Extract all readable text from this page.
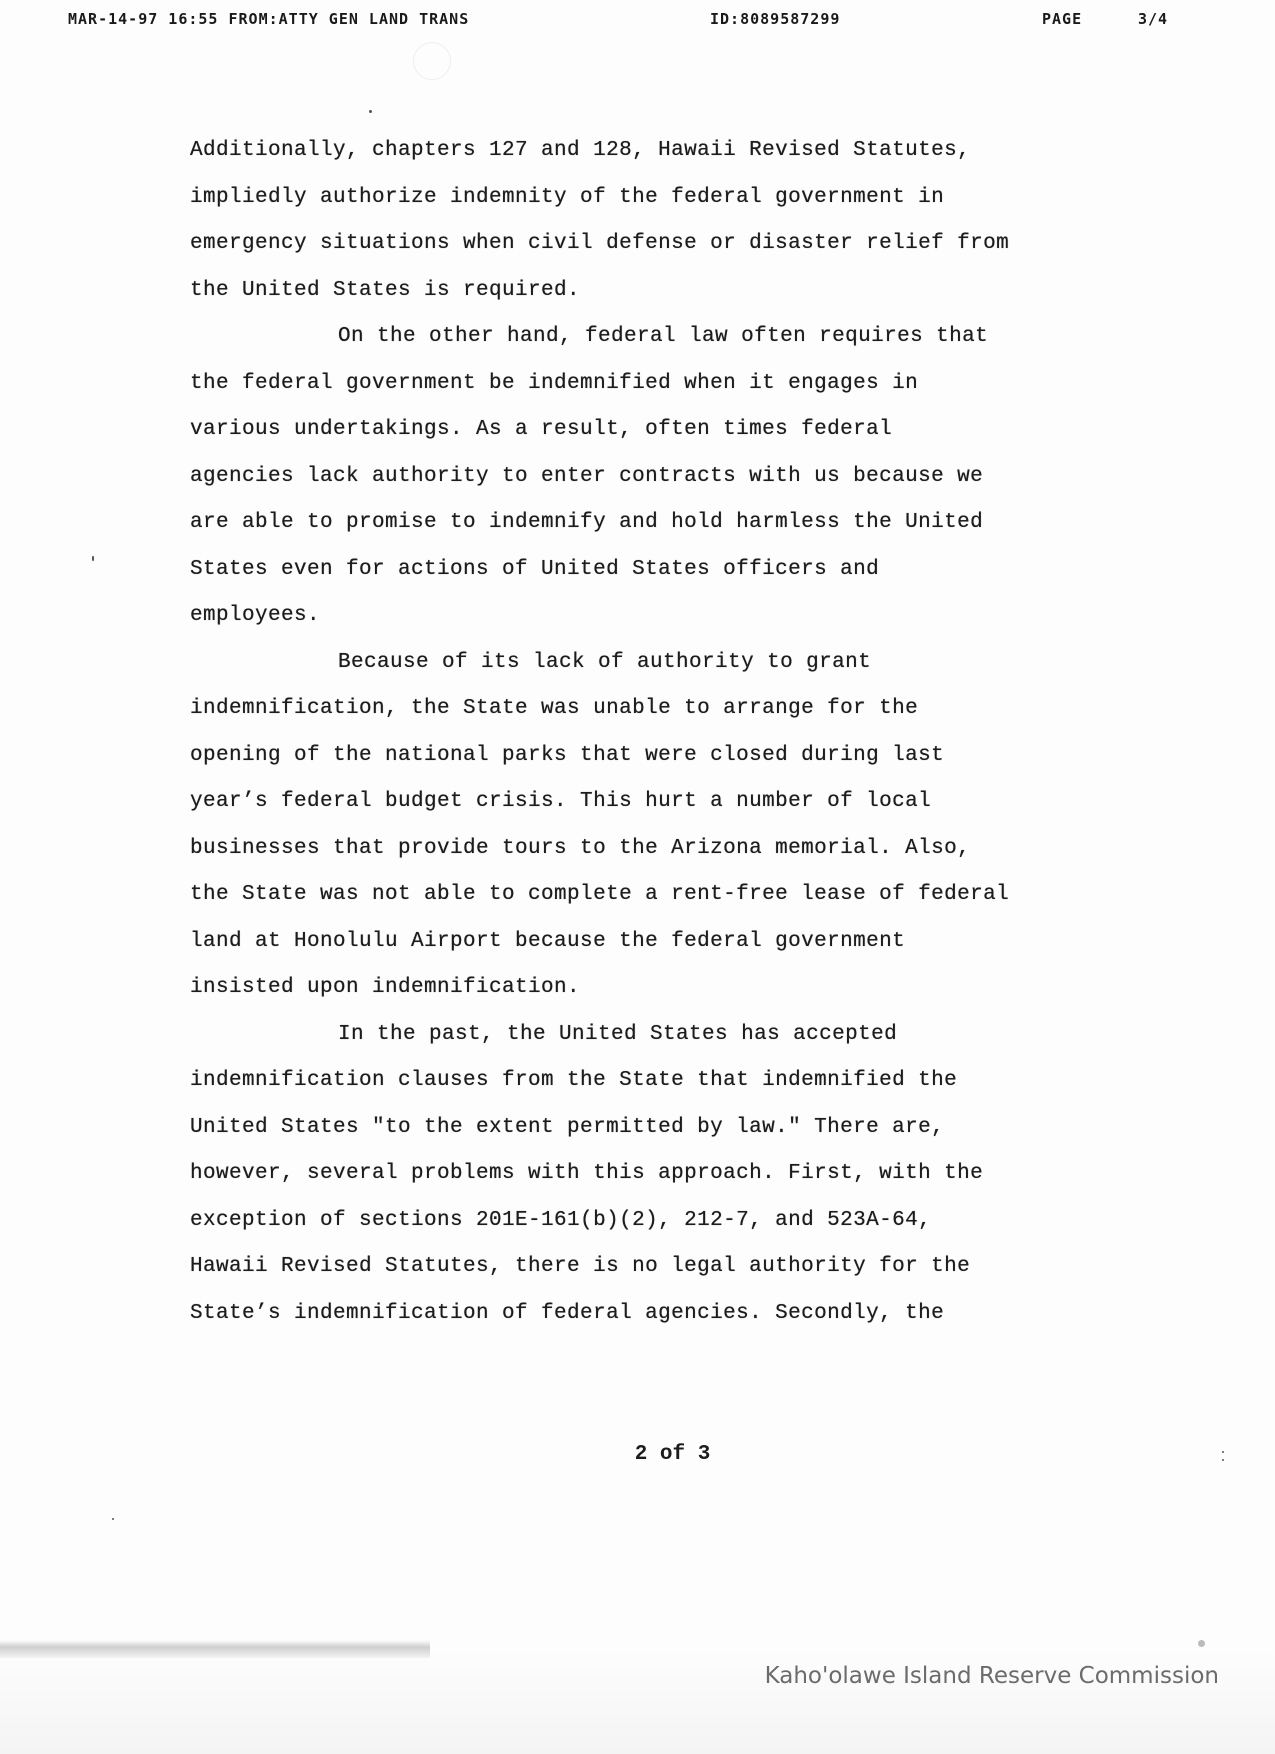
MAR-14-97 16:55 FROM:ATTY GEN LAND TRANS	ID:8089587299	PAGE	3/4

Additionally, chapters 127 and 128, Hawaii Revised Statutes,
impliedly authorize indemnity of the federal government in
emergency situations when civil defense or disaster relief from
the United States is required.

On the other hand, federal law often requires that
the federal government be indemnified when it engages in
various undertakings. As a result, often times federal
agencies lack authority to enter contracts with us because we
are able to promise to indemnify and hold harmless the United
States even for actions of United States officers and
employees.

Because of its lack of authority to grant
indemnification, the State was unable to arrange for the
opening of the national parks that were closed during last
year’s federal budget crisis. This hurt a number of local
businesses that provide tours to the Arizona memorial. Also,
the State was not able to complete a rent-free lease of federal
land at Honolulu Airport because the federal government
insisted upon indemnification.

In the past, the United States has accepted
indemnification clauses from the State that indemnified the
United States "to the extent permitted by law." There are,
however, several problems with this approach. First, with the
exception of sections 201E-161(b)(2), 212-7, and 523A-64,
Hawaii Revised Statutes, there is no legal authority for the
State’s indemnification of federal agencies. Secondly, the

2 of 3
Kaho'olawe Island Reserve Commission
